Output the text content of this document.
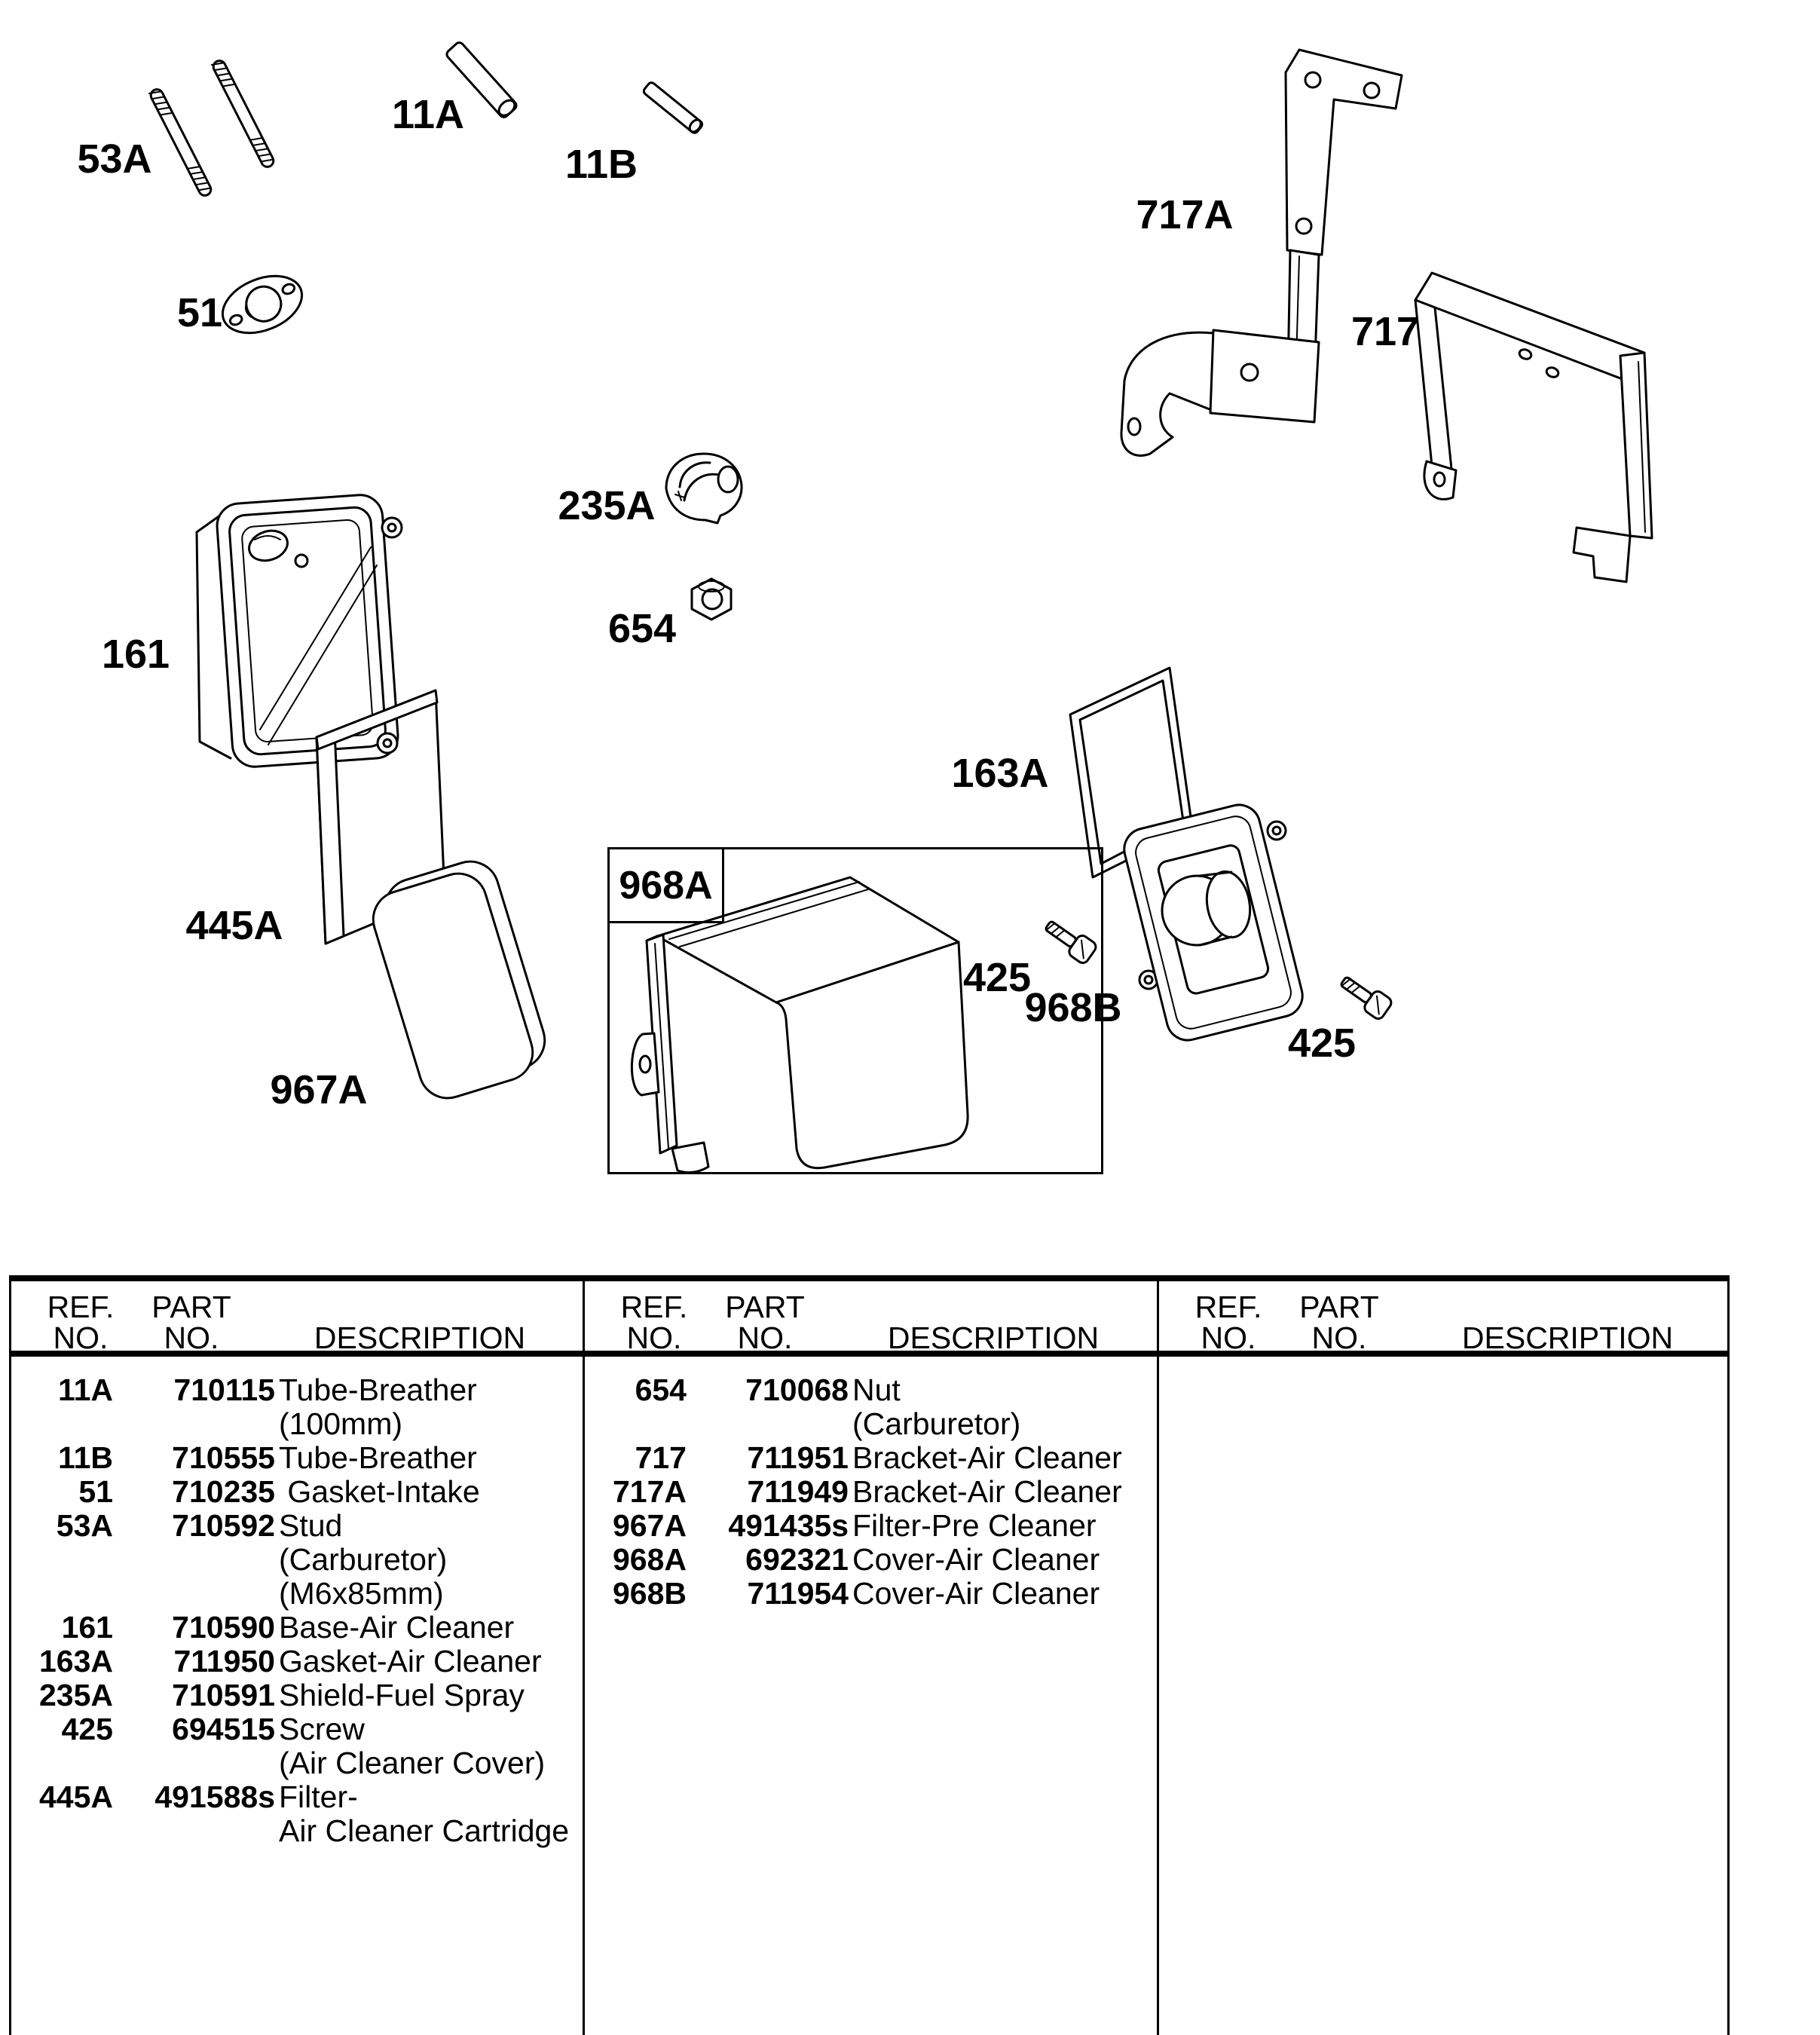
968A
53A
11A
11B
51
717A
717
235A
654
161
163A
445A
968B
425
967A
425
REF.	PART
NO.	NO.	DESCRIPTION
11A	710115 Tube-Breather
(100mm)
11B	710555 Tube-Breather
51	710235 Gasket-Intake
53A	710592 Stud
(Carburetor)
(M6x85mm)
161	710590 Base-Air Cleaner
163A	711950 Gasket-Air Cleaner
235A	710591 Shield-Fuel Spray
425	694515 Screw
(Air Cleaner Cover)
445A	491588s Filter-
Air Cleaner Cartridge
REF.	PART
NO.	NO.	DESCRIPTION
654	710068 Nut
(Carburetor)
717	711951 Bracket-Air Cleaner
717A	711949 Bracket-Air Cleaner
967A	491435s Filter-Pre Cleaner
968A	692321 Cover-Air Cleaner
968B	711954 Cover-Air Cleaner
REF.	PART
NO.	NO.	DESCRIPTION
